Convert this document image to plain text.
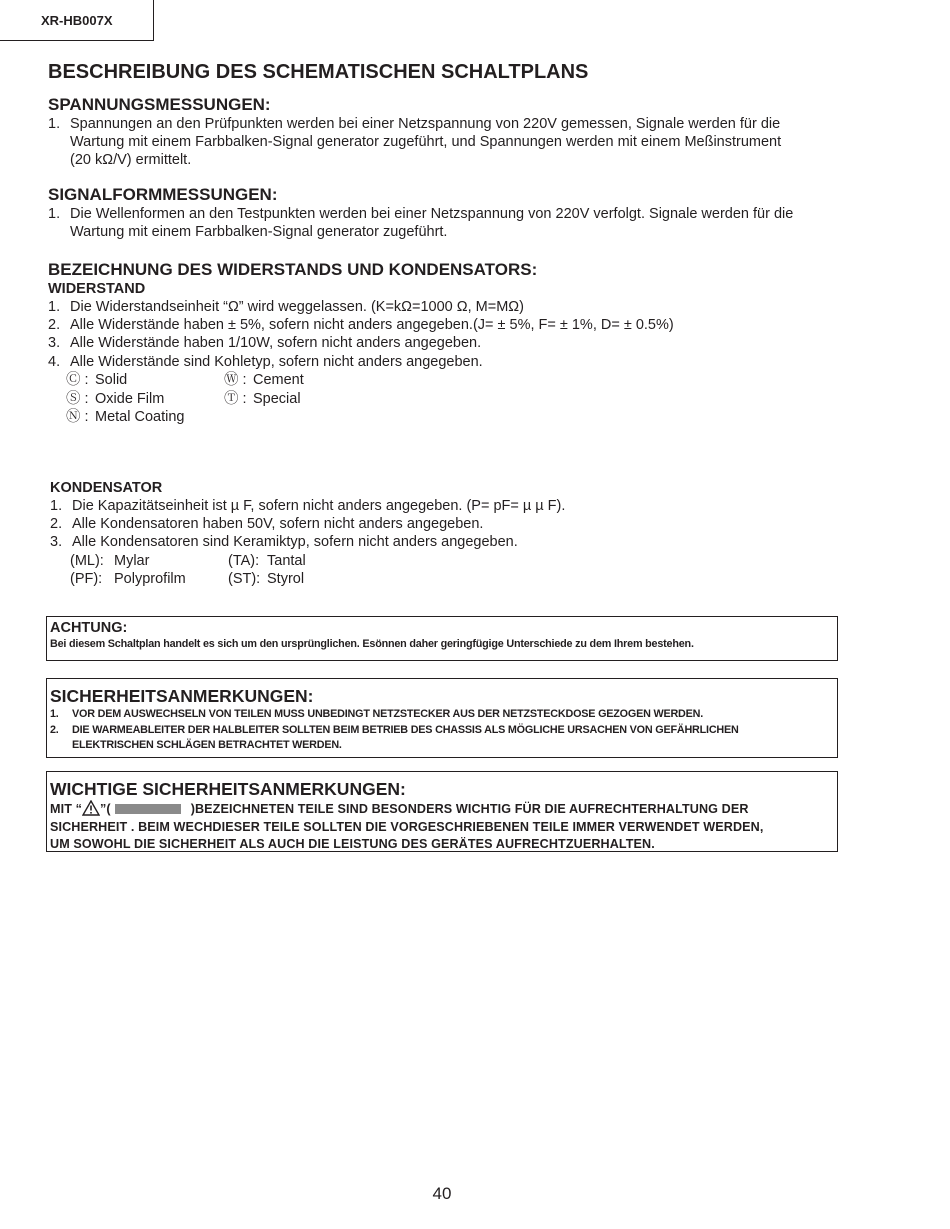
XR-HB007X
BESCHREIBUNG DES SCHEMATISCHEN SCHALTPLANS
SPANNUNGSMESSUNGEN:
1. Spannungen an den Prüfpunkten werden bei einer Netzspannung von 220V gemessen, Signale werden für die
Wartung mit einem Farbbalken-Signal generator zugeführt, und Spannungen werden mit einem Meßinstrument
(20 kΩ/V) ermittelt.
SIGNALFORMMESSUNGEN:
1. Die Wellenformen an den Testpunkten werden bei einer Netzspannung von 220V verfolgt. Signale werden für die
Wartung mit einem Farbbalken-Signal generator zugeführt.
BEZEICHNUNG DES WIDERSTANDS UND KONDENSATORS:
WIDERSTAND
1. Die Widerstandseinheit “Ω” wird weggelassen. (K=kΩ=1000 Ω, M=MΩ)
2. Alle Widerstände haben ± 5%, sofern nicht anders angegeben.(J= ± 5%, F= ± 1%, D= ± 0.5%)
3. Alle Widerstände haben 1/10W, sofern nicht anders angegeben.
4. Alle Widerstände sind Kohletyp, sofern nicht anders angegeben.
Ⓒ : Solid	Ⓦ : Cement
Ⓢ : Oxide Film	Ⓣ : Special
Ⓝ : Metal Coating
KONDENSATOR
1. Die Kapazitätseinheit ist µ F, sofern nicht anders angegeben. (P= pF= µ µ F).
2. Alle Kondensatoren haben 50V, sofern nicht anders angegeben.
3. Alle Kondensatoren sind Keramiktyp, sofern nicht anders angegeben.
(ML): Mylar	(TA): Tantal
(PF): Polyprofilm	(ST): Styrol
ACHTUNG:
Bei diesem Schaltplan handelt es sich um den ursprünglichen. Esönnen daher geringfügige Unterschiede zu dem Ihrem bestehen.
SICHERHEITSANMERKUNGEN:
1. VOR DEM AUSWECHSELN VON TEILEN MUSS UNBEDINGT NETZSTECKER AUS DER NETZSTECKDOSE GEZOGEN WERDEN.
2. DIE WARMEABLEITER DER HALBLEITER SOLLTEN BEIM BETRIEB DES CHASSIS ALS MÖGLICHE URSACHEN VON GEFÄHRLICHEN
ELEKTRISCHEN SCHLÄGEN BETRACHTET WERDEN.
WICHTIGE SICHERHEITSANMERKUNGEN:
MIT “ ”(	)BEZEICHNETEN TEILE SIND BESONDERS WICHTIG FÜR DIE AUFRECHTERHALTUNG DER
SICHERHEIT . BEIM WECHDIESER TEILE SOLLTEN DIE VORGESCHRIEBENEN TEILE IMMER VERWENDET WERDEN,
UM SOWOHL DIE SICHERHEIT ALS AUCH DIE LEISTUNG DES GERÄTES AUFRECHTZUERHALTEN.
40
